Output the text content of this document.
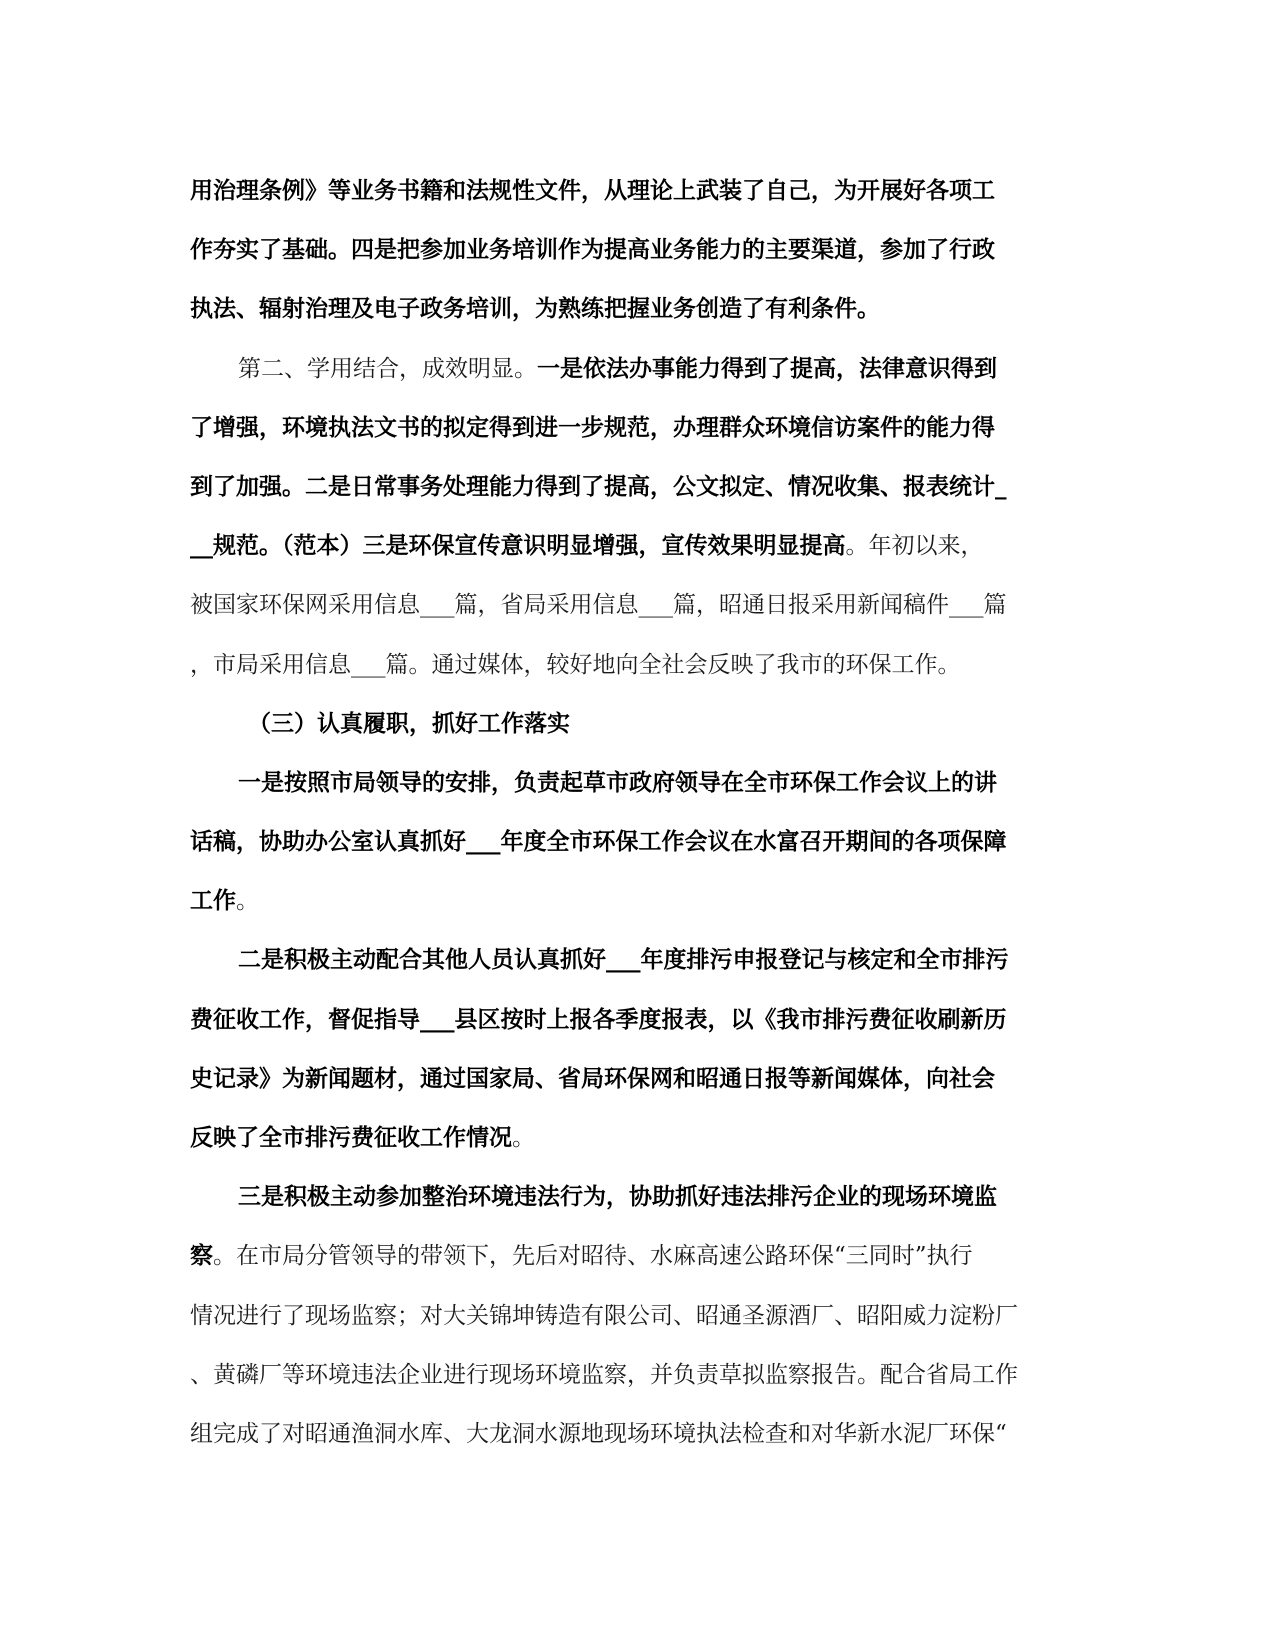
用治理条例》等业务书籍和法规性文件，从理论上武装了自己，为开展好各项工
作夯实了基础。四是把参加业务培训作为提高业务能力的主要渠道，参加了行政
执法、辐射治理及电子政务培训，为熟练把握业务创造了有利条件。
第二、学用结合，成效明显。一是依法办事能力得到了提高，法律意识得到
了增强，环境执法文书的拟定得到进一步规范，办理群众环境信访案件的能力得
到了加强。二是日常事务处理能力得到了提高，公文拟定、情况收集、报表统计_
__规范。（范本）三是环保宣传意识明显增强，宣传效果明显提高。年初以来，
被国家环保网采用信息___篇，省局采用信息___篇，昭通日报采用新闻稿件___篇
，市局采用信息___篇。通过媒体，较好地向全社会反映了我市的环保工作。
（三）认真履职，抓好工作落实
一是按照市局领导的安排，负责起草市政府领导在全市环保工作会议上的讲
话稿，协助办公室认真抓好___年度全市环保工作会议在水富召开期间的各项保障
工作。
二是积极主动配合其他人员认真抓好___年度排污申报登记与核定和全市排污
费征收工作，督促指导___县区按时上报各季度报表，以《我市排污费征收刷新历
史记录》为新闻题材，通过国家局、省局环保网和昭通日报等新闻媒体，向社会
反映了全市排污费征收工作情况。
三是积极主动参加整治环境违法行为，协助抓好违法排污企业的现场环境监
察。在市局分管领导的带领下，先后对昭待、水麻高速公路环保“三同时”执行
情况进行了现场监察；对大关锦坤铸造有限公司、昭通圣源酒厂、昭阳威力淀粉厂
、黄磷厂等环境违法企业进行现场环境监察，并负责草拟监察报告。配合省局工作
组完成了对昭通渔洞水库、大龙洞水源地现场环境执法检查和对华新水泥厂环保“
